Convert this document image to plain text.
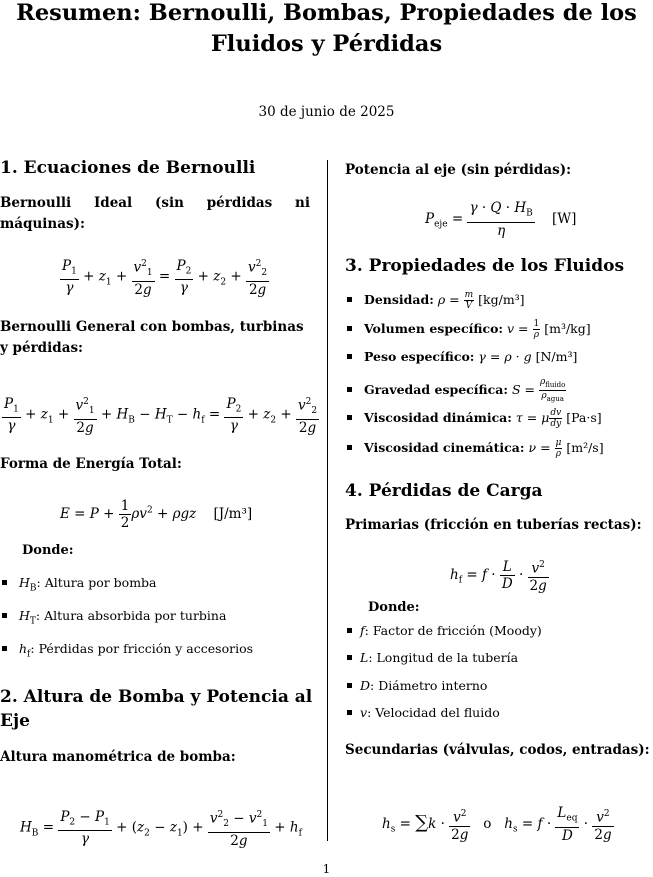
Resumen: Bernoulli, Bombas, Propiedades de los Fluidos y Pérdidas
30 de junio de 2025
1. Ecuaciones de Bernoulli
Bernoulli Ideal (sin pérdidas ni máquinas):
$\frac{P_1}{\gamma} + z_1 + \frac{v^2_1}{2g} = \frac{P_2}{\gamma} + z_2 + \frac{v^2_2}{2g}$
Bernoulli General con bombas, turbinas y pérdidas:
$\frac{P_1}{\gamma} + z_1 + \frac{v^2_1}{2g} + H_B - H_T - h_f = \frac{P_2}{\gamma} + z_2 + \frac{v^2_2}{2g}$
Forma de Energía Total:
$E = P + \frac{1}{2} \rho v^2 + \rho gz$ [J/m³]
Donde:
$H_B$: Altura por bomba
$H_T$: Altura absorbida por turbina
$h_f$: Pérdidas por fricción y accesorios
2. Altura de Bomba y Potencia al Eje
Altura manométrica de bomba:
$H_B = \frac{P_2 - P_1}{\gamma} + (z_2 - z_1) + \frac{v^2_2 - v^2_1}{2g} + h_f$
Potencia al eje (sin pérdidas):
$P_{eje} = \frac{\gamma \cdot Q \cdot H_B}{\eta} [W]$
3. Propiedades de los Fluidos
Densidad: $\rho = \frac{m}{V} [kg/m^3]$
Volumen específico: $v = \frac{1}{\rho} [m^3/kg]$
Peso específico: γ = ρ · g [N/m³]
Gravedad específica: $S = \rho_{fluido}$
$\rho_{agua}$
Viscosidad dinámica: τ = μ $\frac{dv}{dy} [Pa\cdot s]$
Viscosidad cinemática: $\nu = \frac{\mu}{\rho} [m^2/s]$
4. Pérdidas de Carga
Primarias (fricción en tuberías rectas):
$h_f = f \cdot \frac{L}{D} \cdot \frac{v^2}{2g}$
Donde:
f: Factor de fricción (Moody)
L: Longitud de la tubería
D: Diámetro interno
v: Velocidad del fluido
Secundarias (válvulas, codos, entradas):
$h_s = \sum k \cdot \frac{v^2}{2g}$ o $h_s = f \cdot \frac{L_{eq}}{D} \cdot \frac{v^2}{2g}$
1
